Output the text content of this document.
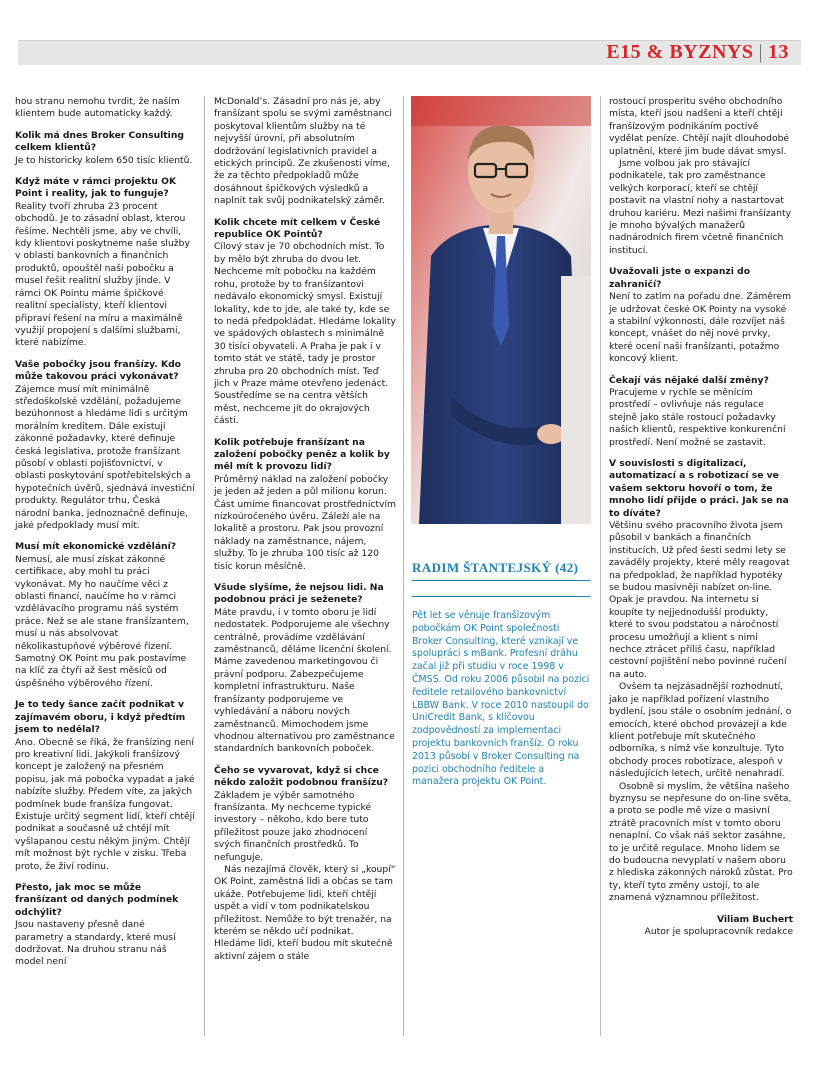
E15 & BYZNYS | 13

hou stranu nemohu tvrdit, že naším klientem bude automaticky každý.

Kolik má dnes Broker Consulting celkem klientů?

Je to historicky kolem 650 tisíc klientů.

Když máte v rámci projektu OK Point i reality, jak to funguje?

Reality tvoří zhruba 23 procent obchodů. Je to zásadní oblast, kterou řešíme. Nechtěli jsme, aby ve chvíli, kdy klientovi poskytneme naše služby v oblasti bankovních a finančních produktů, opouštěl naši pobočku a musel řešit realitní služby jinde. V rámci OK Pointu máme špičkové realitní specialisty, kteří klientovi připraví řešení na míru a maximálně využijí propojení s dalšími službami, které nabízíme.

Vaše pobočky jsou franšízy. Kdo může takovou práci vykonávat?

Zájemce musí mít minimálně středoškolské vzdělání, požadujeme bezúhonnost a hledáme lidi s určitým morálním kreditem. Dále existují zákonné požadavky, které definuje česká legislativa, protože franšízant působí v oblasti pojišťovnictví, v oblasti poskytování spotřebitelských a hypotečních úvěrů, sjednává investiční produkty. Regulátor trhu, Česká národní banka, jednoznačně definuje, jaké předpoklady musí mít.

Musí mít ekonomické vzdělání?

Nemusí, ale musí získat zákonné certifikace, aby mohl tu práci vykonávat. My ho naučíme věci z oblasti financí, naučíme ho v rámci vzdělávacího programu náš systém práce. Než se ale stane franšízantem, musí u nás absolvovat několikastupňové výběrové řízení. Samotný OK Point mu pak postavíme na klíč za čtyři až šest měsíců od úspěšného výběrového řízení.

Je to tedy šance začít podnikat v zajímavém oboru, i když předtím jsem to nedělal?

Ano. Obecně se říká, že franšízing není pro kreativní lidi. Jakýkoli franšízový koncept je založený na přesném popisu, jak má pobočka vypadat a jaké nabízíte služby. Předem víte, za jakých podmínek bude franšíza fungovat. Existuje určitý segment lidí, kteří chtějí podnikat a současně už chtějí mít vyšlapanou cestu někým jiným. Chtějí mít možnost být rychle v zisku. Třeba proto, že živí rodinu.

Přesto, jak moc se může franšízant od daných podmínek odchýlit?

Jsou nastaveny přesně dané parametry a standardy, které musí dodržovat. Na druhou stranu náš model není

McDonald’s. Zásadní pro nás je, aby franšízant spolu se svými zaměstnanci poskytoval klientům služby na té nejvyšší úrovni, při absolutním dodržování legislativních pravidel a etických principů. Ze zkušenosti víme, že za těchto předpokladů může dosáhnout špičkových výsledků a naplnit tak svůj podnikatelský záměr.

Kolik chcete mít celkem v České republice OK Pointů?

Cílový stav je 70 obchodních míst. To by mělo být zhruba do dvou let. Nechceme mít pobočku na každém rohu, protože by to franšízantovi nedávalo ekonomický smysl. Existují lokality, kde to jde, ale také ty, kde se to nedá předpokládat. Hledáme lokality ve spádových oblastech s minimálně 30 tisíci obyvateli. A Praha je pak i v tomto stát ve státě, tady je prostor zhruba pro 20 obchodních míst. Teď jich v Praze máme otevřeno jedenáct. Soustředíme se na centra větších měst, nechceme jít do okrajových částí.

Kolik potřebuje franšízant na založení pobočky peněz a kolik by měl mít k provozu lidí?

Průměrný náklad na založení pobočky je jeden až jeden a půl milionu korun. Část umíme financovat prostřednictvím nízkoúročeného úvěru. Záleží ale na lokalitě a prostoru. Pak jsou provozní náklady na zaměstnance, nájem, služby. To je zhruba 100 tisíc až 120 tisíc korun měsíčně.

Všude slyšíme, že nejsou lidi. Na podobnou práci je seženete?

Máte pravdu, i v tomto oboru je lidí nedostatek. Podporujeme ale všechny centrálně, provádíme vzdělávání zaměstnanců, děláme licenční školení. Máme zavedenou marketingovou či právní podporu. Zabezpečujeme kompletní infrastrukturu. Naše franšízanty podporujeme ve vyhledávání a náboru nových zaměstnanců. Mimochodem jsme vhodnou alternativou pro zaměstnance standardních bankovních poboček.

Čeho se vyvarovat, když si chce někdo založit podobnou franšízu?

Základem je výběr samotného franšízanta. My nechceme typické investory – někoho, kdo bere tuto příležitost pouze jako zhodnocení svých finančních prostředků. To nefunguje.

Nás nezajímá člověk, který si „koupí“ OK Point, zaměstná lidi a občas se tam ukáže. Potřebujeme lidi, kteří chtějí uspět a vidí v tom podnikatelskou příležitost. Nemůže to být trenažér, na kterém se někdo učí podnikat. Hledáme lidi, kteří budou mít skutečně aktivní zájem o stále

RADIM ŠTANTEJSKÝ (42)
Pět let se věnuje franšízovým pobočkám OK Point společnosti Broker Consulting, které vznikají ve spolupráci s mBank. Profesní dráhu začal již při studiu v roce 1998 v ČMSS. Od roku 2006 působil na pozici ředitele retailového bankovnictví LBBW Bank. V roce 2010 nastoupil do UniCredit Bank, s klíčovou zodpovědností za implementaci projektu bankovních franšíz. O roku 2013 působí v Broker Consulting na pozici obchodního ředitele a manažera projektu OK Point.

rostoucí prosperitu svého obchodního místa, kteří jsou nadšeni a kteří chtějí franšízovým podnikáním poctivě vydělat peníze. Chtějí najít dlouhodobé uplatnění, které jim bude dávat smysl.

Jsme volbou jak pro stávající podnikatele, tak pro zaměstnance velkých korporací, kteří se chtějí postavit na vlastní nohy a nastartovat druhou kariéru. Mezi našimi franšízanty je mnoho bývalých manažerů nadnárodních firem včetně finančních institucí.

Uvažovali jste o expanzi do zahraničí?

Není to zatím na pořadu dne. Záměrem je udržovat české OK Pointy na vysoké a stabilní výkonnosti, dále rozvíjet náš koncept, vnášet do něj nové prvky, které ocení naši franšízanti, potažmo koncový klient.

Čekají vás nějaké další změny?

Pracujeme v rychle se měnícím prostředí – ovlivňuje nás regulace stejně jako stále rostoucí požadavky našich klientů, respektive konkurenční prostředí. Není možné se zastavit.

V souvislosti s digitalizací, automatizací a s robotizací se ve vašem sektoru hovoří o tom, že mnoho lidí přijde o práci. Jak se na to díváte?

Většinu svého pracovního života jsem působil v bankách a finančních institucích. Už před šesti sedmi lety se zaváděly projekty, které měly reagovat na předpoklad, že například hypotéky se budou masivněji nabízet on-line. Opak je pravdou. Na internetu si koupíte ty nejjednodušší produkty, které to svou podstatou a náročností procesu umožňují a klient s nimi nechce ztrácet příliš času, například cestovní pojištění nebo povinné ručení na auto.

Ovšem ta nejzásadnější rozhodnutí, jako je například pořízení vlastního bydlení, jsou stále o osobním jednání, o emocích, které obchod provázejí a kde klient potřebuje mít skutečného odborníka, s nímž vše konzultuje. Tyto obchody proces robotizace, alespoň v následujících letech, určitě nenahradí.

Osobně si myslím, že většina našeho byznysu se nepřesune do on-line světa, a proto se podle mě vize o masivní ztrátě pracovních míst v tomto oboru nenaplní. Co však náš sektor zasáhne, to je určitě regulace. Mnoho lidem se do budoucna nevyplatí v našem oboru z hlediska zákonných nároků zůstat. Pro ty, kteří tyto změny ustojí, to ale znamená významnou příležitost.

Viliam Buchert

Autor je spolupracovník redakce
